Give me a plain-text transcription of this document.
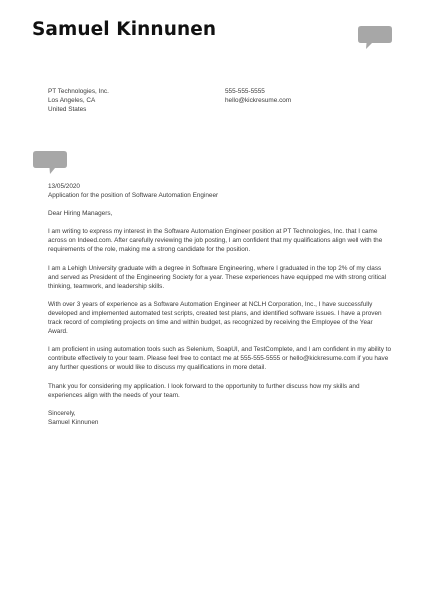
Samuel Kinnunen
PT Technologies, Inc.
Los Angeles, CA
United States
555-555-5555
hello@kickresume.com

13/05/2020

Application for the position of Software Automation Engineer

Dear Hiring Managers,

I am writing to express my interest in the Software Automation Engineer position at PT Technologies, Inc. that I came across on Indeed.com. After carefully reviewing the job posting, I am confident that my qualifications align well with the requirements of the role, making me a strong candidate for the position.

I am a Lehigh University graduate with a degree in Software Engineering, where I graduated in the top 2% of my class and served as President of the Engineering Society for a year. These experiences have equipped me with strong critical thinking, teamwork, and leadership skills.

With over 3 years of experience as a Software Automation Engineer at NCLH Corporation, Inc., I have successfully developed and implemented automated test scripts, created test plans, and identified software issues. I have a proven track record of completing projects on time and within budget, as recognized by receiving the Employee of the Year Award.

I am proficient in using automation tools such as Selenium, SoapUI, and TestComplete, and I am confident in my ability to contribute effectively to your team. Please feel free to contact me at 555-555-5555 or hello@kickresume.com if you have any further questions or would like to discuss my qualifications in more detail.

Thank you for considering my application. I look forward to the opportunity to further discuss how my skills and experiences align with the needs of your team.

Sincerely,
Samuel Kinnunen
